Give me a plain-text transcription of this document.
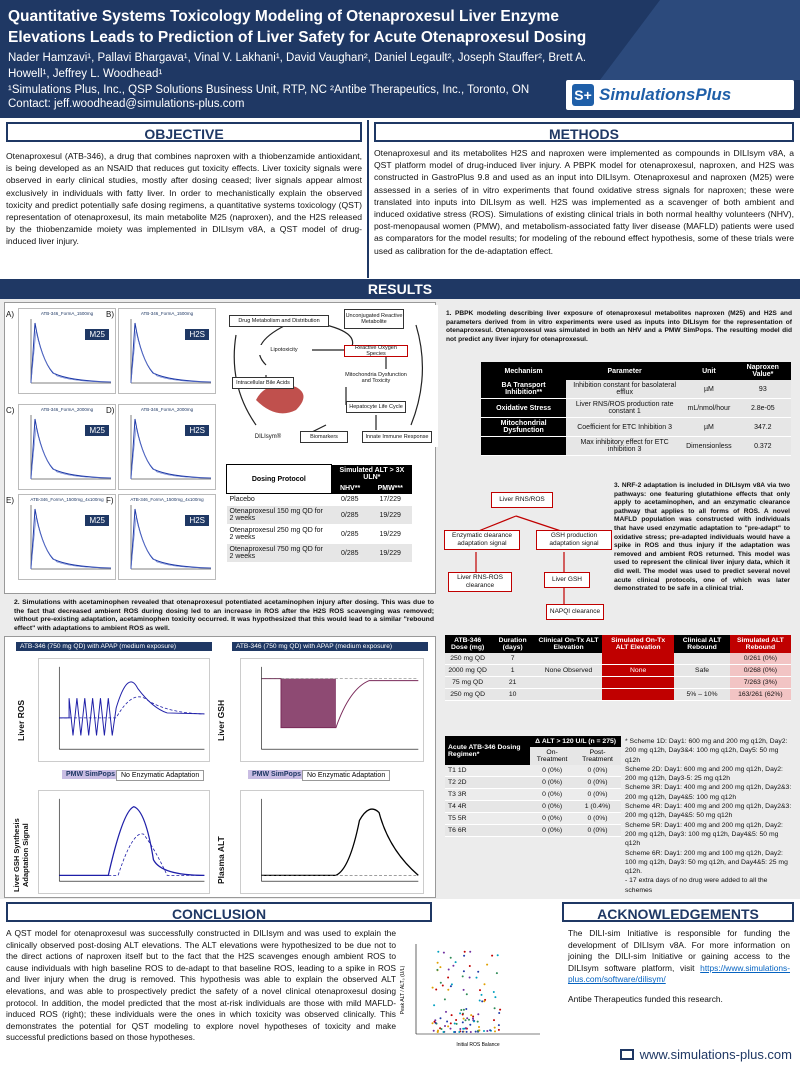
Quantitative Systems Toxicology Modeling of Otenaproxesul Liver Enzyme Elevations Leads to Prediction of Liver Safety for Acute Otenaproxesul Dosing
Nader Hamzavi¹, Pallavi Bhargava¹, Vinal V. Lakhani¹, David Vaughan², Daniel Legault², Joseph Stauffer², Brett A. Howell¹, Jeffrey L. Woodhead¹
¹Simulations Plus, Inc., QSP Solutions Business Unit, RTP, NC ²Antibe Therapeutics, Inc., Toronto, ON
Contact: jeff.woodhead@simulations-plus.com
S+ SimulationsPlus
OBJECTIVE
Otenaproxesul (ATB-346), a drug that combines naproxen with a thiobenzamide antioxidant, is being developed as an NSAID that reduces gut toxicity effects. Liver toxicity signals were observed in early clinical studies, mostly after dosing ceased; liver signals appear almost exclusively in individuals with fatty liver. In order to mechanistically explain the observed toxicity and predict potentially safe dosing regimens, a quantitative systems toxicology (QST) representation of otenaproxesul, its main metabolite M25 (naproxen), and the H2S released by the thiobenzamide moiety was implemented in DILIsym v8A, a QST model of drug-induced liver injury.
METHODS
Otenaproxesul and its metabolites H2S and naproxen were implemented as compounds in DILIsym v8A, a QST platform model of drug-induced liver injury. A PBPK model for otenaproxesul, naproxen, and H2S was constructed in GastroPlus 9.8 and used as an input into DILIsym. Otenaproxesul and naproxen (M25) were assessed in a series of in vitro experiments that found oxidative stress signals for naproxen; these were translated into inputs into DILIsym as well. H2S was implemented as a scavenger of both ambient and induced oxidative stress (ROS). Simulations of existing clinical trials in both normal healthy volunteers (NHV), post-menopausal women (PMW), and metabolism-associated fatty liver disease (MAFLD) patients were used as comparators for the model results; for modeling of the rebound effect hypothesis, some of these trials were used as calibration for the de-adaptation effect.
RESULTS
ATB-346_FormA_1500mg
M25
ATB-346_FormA_1500mg
H2S
ATB-346_FormA_2000mg
M25
ATB-346_FormA_2000mg
H2S
ATB-346_FormA_1500mg_4x100mg
M25
ATB-346_FormA_1500mg_4x100mg
H2S
Drug Metabolism and Distribution
Unconjugated Reactive Metabolite
Lipotoxicity	Reactive Oxygen Species
Mitochondria Dysfunction and Toxicity
Intracellular Bile Acids
Hepatocyte Life Cycle
Biomarkers	Innate Immune Response
DILIsym®
Dosing Protocol	Simulated ALT > 3X ULN*	
	NHV**	PMW***
Placebo	0/285	17/229
Otenaproxesul 150 mg QD for 2 weeks	0/285	19/229
Otenaproxesul 250 mg QD for 2 weeks	0/285	19/229
Otenaproxesul 750 mg QD for 2 weeks	0/285	19/229
1. PBPK modeling describing liver exposure of otenaproxesul metabolites naproxen (M25) and H2S and parameters derived from in vitro experiments were used as inputs into DILIsym for the representation of otenaproxesul. Otenaproxesul was simulated in both an NHV and a PMW SimPops. The resulting model did not predict any liver injury for otenaproxesul.
Mechanism	Parameter	Unit	Naproxen Value*
BA Transport Inhibition**	Inhibition constant for basolateral efflux	µM	93
Oxidative Stress	Liver RNS/ROS production rate constant 1	mL/nmol/hour	2.8e-05
Mitochondrial Dysfunction	Coefficient for ETC Inhibition 3	µM	347.2
	Max inhibitory effect for ETC inhibition 3	Dimensionless	0.372
Liver RNS/ROS
Enzymatic clearance adaptation signal
GSH production adaptation signal
Liver RNS-ROS clearance
Liver GSH
NAPQI clearance
3. NRF-2 adaptation is included in DILIsym v8A via two pathways: one featuring glutathione effects that only apply to acetaminophen, and an enzymatic clearance pathway that applies to all forms of ROS. A novel MAFLD population was constructed with individuals that have used enzymatic adaptation to "pre-adapt" to oxidative stress; pre-adapted individuals would have a spike in ROS and thus injury if the adaptation was removed and ambient ROS returned. This model was used to represent the clinical liver injury data, which it did well. The model was used to predict several novel acute clinical protocols, one of which was later demonstrated to be safe in a clinical trial.
2. Simulations with acetaminophen revealed that otenaproxesul potentiated acetaminophen injury after dosing. This was due to the fact that decreased ambient ROS during dosing led to an increase in ROS after the H2S ROS scavenging was removed; without pre-existing adaptation, acetaminophen toxicity occurred. It was hypothesized that this would lead to a similar "rebound effect" with adaptations to ambient ROS as well.
ATB-346 (750 mg QD) with APAP (medium exposure)	ATB-346 (750 mg QD) with APAP (medium exposure)
Liver ROS	Liver GSH
Liver GSH Synthesis Adaptation Signal	Plasma ALT
PMW SimPops No Enzymatic Adaptation	PMW SimPops No Enzymatic Adaptation
ATB-346 Dose (mg)	Duration (days)	Clinical On-Tx ALT Elevation	Simulated On-Tx ALT Elevation	Clinical ALT Rebound	Simulated ALT Rebound
250 mg QD	7				0/261 (0%)
2000 mg QD	1	None Observed	None	Safe	0/268 (0%)
75 mg QD	21				7/263 (3%)
250 mg QD	10			5% – 10%	163/261 (62%)
Acute ATB-346 Dosing Regimen*	Δ ALT > 120 U/L (n = 275)	
	On-Treatment	Post-Treatment
T1 1D	0 (0%)	0 (0%)
T2 2D	0 (0%)	0 (0%)
T3 3R	0 (0%)	0 (0%)
T4 4R	0 (0%)	1 (0.4%)
T5 5R	0 (0%)	0 (0%)
T6 6R	0 (0%)	0 (0%)
* Scheme 1D: Day1: 600 mg and 200 mg q12h, Day2: 200 mg q12h, Day3&4: 100 mg q12h, Day5: 50 mg q12h
Scheme 2D: Day1: 600 mg and 200 mg q12h, Day2: 200 mg q12h, Day3-5: 25 mg q12h
Scheme 3R: Day1: 400 mg and 200 mg q12h, Day2&3: 200 mg q12h, Day4&5: 100 mg q12h
Scheme 4R: Day1: 400 mg and 200 mg q12h, Day2&3: 200 mg q12h, Day4&5: 50 mg q12h
Scheme 5R: Day1: 400 mg and 200 mg q12h, Day2: 200 mg q12h, Day3: 100 mg q12h, Day4&5: 50 mg q12h
Scheme 6R: Day1: 200 mg and 100 mg q12h, Day2: 100 mg q12h, Day3: 50 mg q12h, and Day4&5: 25 mg q12h.
- 17 extra days of no drug were added to all the schemes
CONCLUSION
A QST model for otenaproxesul was successfully constructed in DILIsym and was used to explain the clinically observed post-dosing ALT elevations. The ALT elevations were hypothesized to be due not to the direct actions of naproxen itself but to the fact that the H2S scavenges enough ambient ROS to cause individuals with high baseline ROS to de-adapt to that baseline ROS, leading to a spike in ROS and liver injury when the drug is removed. This hypothesis was able to explain the observed ALT elevations, and was able to prospectively predict the safety of a novel clinical otenaproxesul dosing protocol. In addition, the model predicted that the most at-risk individuals are those with mild MAFLD-induced ROS (right); these individuals were the ones in which toxicity was observed clinically. This demonstrates the potential for QST modeling to explore novel hypotheses of toxicity and make successful predictions based on those hypotheses.
Initial ROS Balance
Peak ALT / ALT₀ (U/L)
ACKNOWLEDGEMENTS
The DILI-sim Initiative is responsible for funding the development of DILIsym v8A. For more information on joining the DILI-sim Initiative or gaining access to the DILIsym software platform, visit https://www.simulations-plus.com/software/dilisym/
Antibe Therapeutics funded this research.
www.simulations-plus.com
A)	B)
C)	D)
E)	F)
